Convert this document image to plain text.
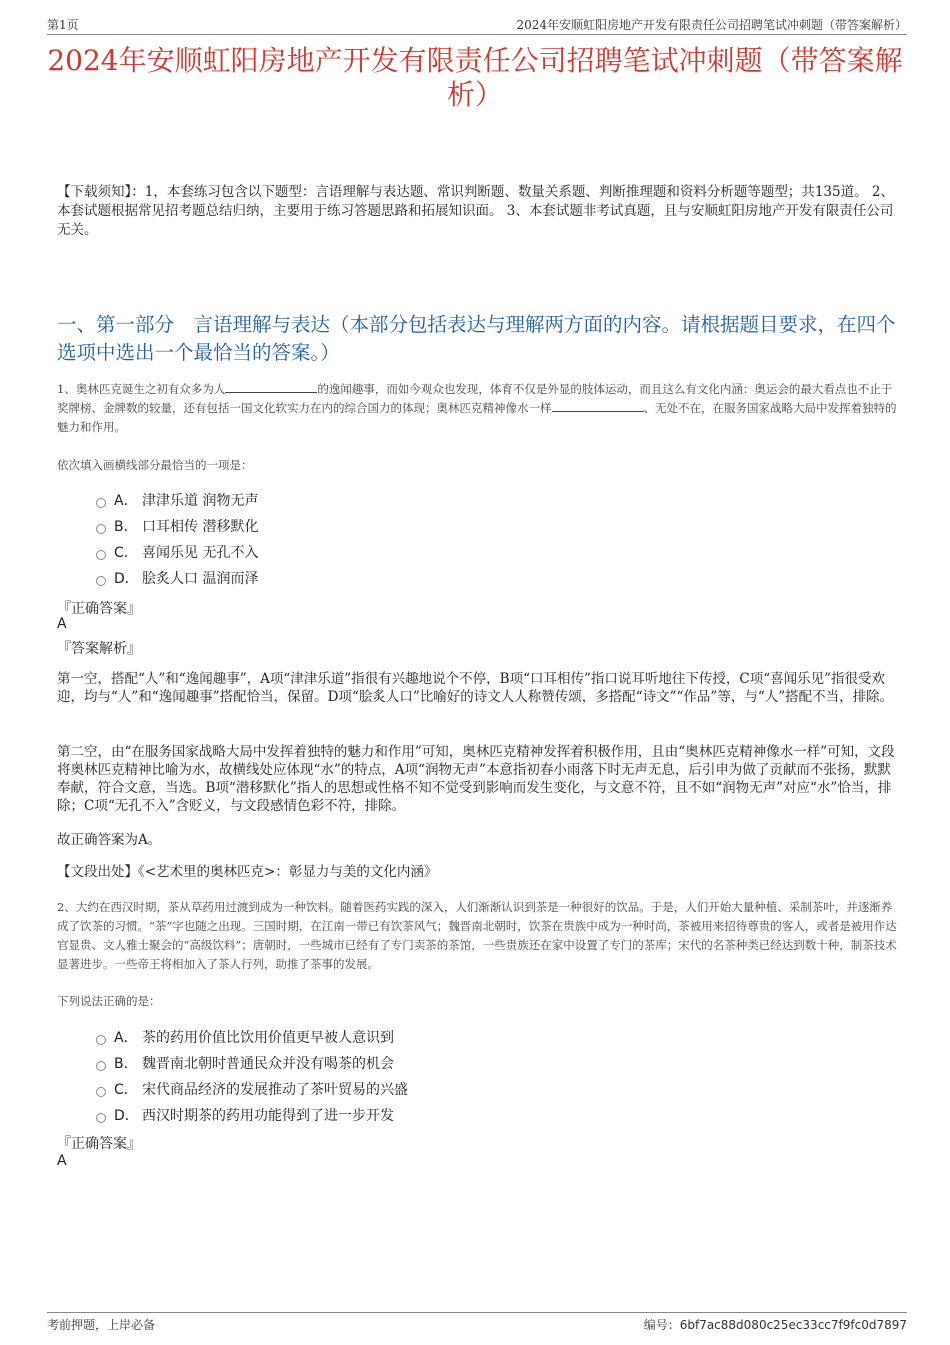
第1页	2024年安顺虹阳房地产开发有限责任公司招聘笔试冲刺题（带答案解析）
2024年安顺虹阳房地产开发有限责任公司招聘笔试冲刺题（带答案解析）
【下载须知】：1，本套练习包含以下题型：言语理解与表达题、常识判断题、数量关系题、判断推理题和资料分析题等题型；共135道。 2、本套试题根据常见招考题总结归纳，主要用于练习答题思路和拓展知识面。 3、本套试题非考试真题，且与安顺虹阳房地产开发有限责任公司无关。
一、第一部分　言语理解与表达（本部分包括表达与理解两方面的内容。请根据题目要求，在四个选项中选出一个最恰当的答案。）
1、奥林匹克诞生之初有众多为人	的逸闻趣事，而如今观众也发现，体育不仅是外显的肢体运动，而且这么有文化内涵：奥运会的最大看点也不止于奖牌榜、金牌数的较量，还有包括一国文化软实力在内的综合国力的体现；奥林匹克精神像水一样	、无处不在，在服务国家战略大局中发挥着独特的魅力和作用。
依次填入画横线部分最恰当的一项是：
A． 津津乐道 润物无声
B． 口耳相传 潜移默化
C． 喜闻乐见 无孔不入
D． 脍炙人口 温润而泽
『正确答案』
A
『答案解析』
第一空，搭配“人”和“逸闻趣事”，A项“津津乐道”指很有兴趣地说个不停，B项“口耳相传”指口说耳听地往下传授，C项“喜闻乐见”指很受欢迎，均与“人”和“逸闻趣事”搭配恰当，保留。D项“脍炙人口”比喻好的诗文人人称赞传颂，多搭配“诗文”“作品”等，与“人”搭配不当，排除。
第二空，由“在服务国家战略大局中发挥着独特的魅力和作用”可知，奥林匹克精神发挥着积极作用，且由“奥林匹克精神像水一样”可知，文段将奥林匹克精神比喻为水，故横线处应体现“水”的特点，A项“润物无声”本意指初春小雨落下时无声无息，后引申为做了贡献而不张扬，默默奉献，符合文意，当选。B项“潜移默化”指人的思想或性格不知不觉受到影响而发生变化，与文意不符，且不如“润物无声”对应“水”恰当，排除；C项“无孔不入”含贬义，与文段感情色彩不符，排除。
故正确答案为A。
【文段出处】《<艺术里的奥林匹克>：彰显力与美的文化内涵》
2、大约在西汉时期，茶从草药用过渡到成为一种饮料。随着医药实践的深入，人们渐渐认识到茶是一种很好的饮品。于是，人们开始大量种植、采制茶叶，并逐渐养成了饮茶的习惯。“茶”字也随之出现。三国时期，在江南一带已有饮茶风气；魏晋南北朝时，饮茶在贵族中成为一种时尚，茶被用来招待尊贵的客人，或者是被用作达官显贵、文人雅士聚会的“高级饮料”；唐朝时，一些城市已经有了专门卖茶的茶馆，一些贵族还在家中设置了专门的茶库；宋代的名茶种类已经达到数十种，制茶技术显著进步。一些帝王将相加入了茶人行列，助推了茶事的发展。
下列说法正确的是：
A． 茶的药用价值比饮用价值更早被人意识到
B． 魏晋南北朝时普通民众并没有喝茶的机会
C． 宋代商品经济的发展推动了茶叶贸易的兴盛
D． 西汉时期茶的药用功能得到了进一步开发
『正确答案』
A
考前押题，上岸必备	编号：6bf7ac88d080c25ec33cc7f9fc0d7897
